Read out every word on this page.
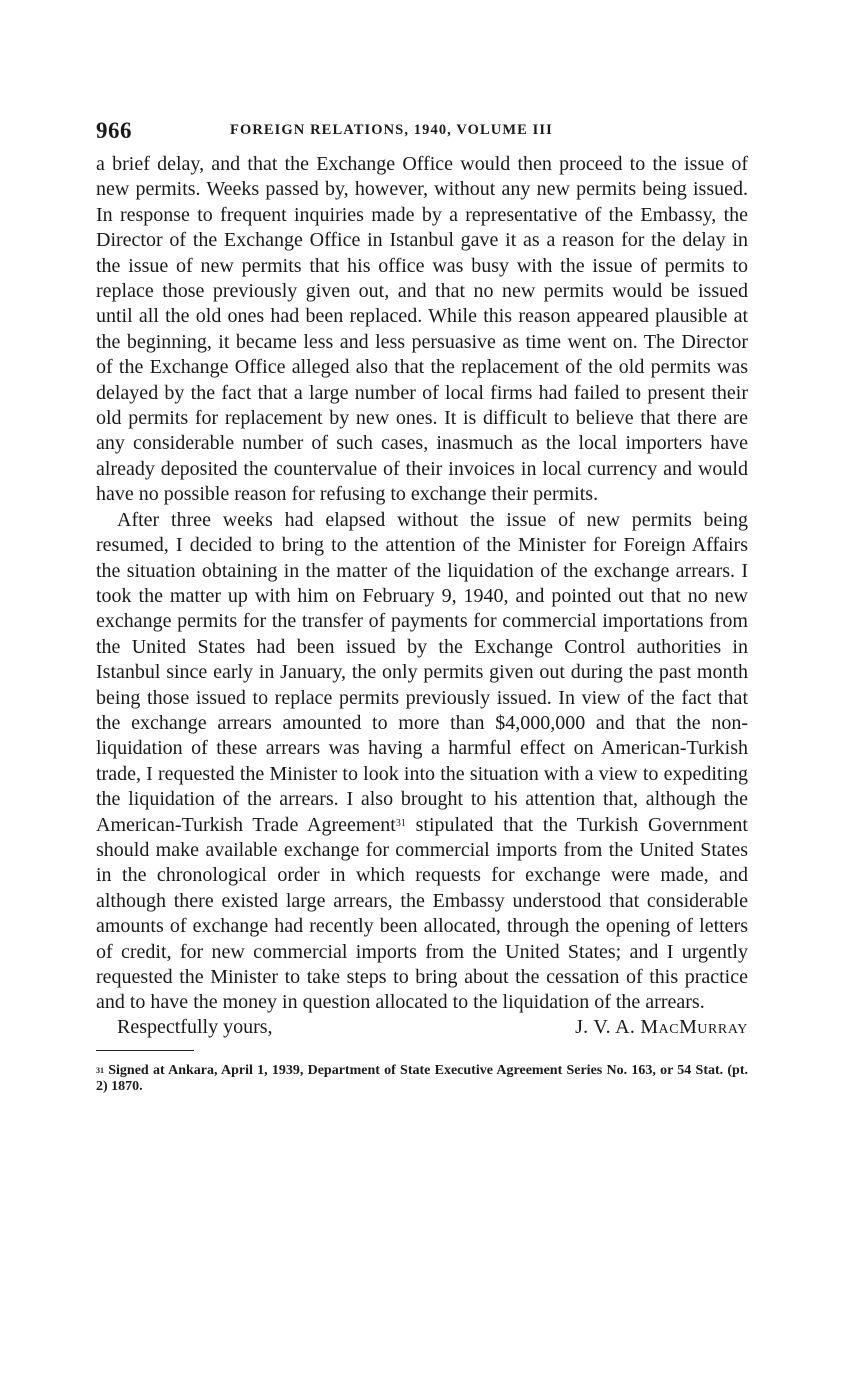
966	FOREIGN RELATIONS, 1940, VOLUME III

a brief delay, and that the Exchange Office would then proceed to the issue of new permits. Weeks passed by, however, without any new permits being issued. In response to frequent inquiries made by a representative of the Embassy, the Director of the Exchange Office in Istanbul gave it as a reason for the delay in the issue of new permits that his office was busy with the issue of permits to replace those previously given out, and that no new permits would be issued until all the old ones had been replaced. While this reason appeared plausible at the beginning, it became less and less persuasive as time went on. The Director of the Exchange Office alleged also that the replacement of the old permits was delayed by the fact that a large number of local firms had failed to present their old permits for replacement by new ones. It is difficult to believe that there are any considerable number of such cases, inasmuch as the local importers have already deposited the countervalue of their invoices in local currency and would have no possible reason for refusing to exchange their permits.

After three weeks had elapsed without the issue of new permits being resumed, I decided to bring to the attention of the Minister for Foreign Affairs the situation obtaining in the matter of the liquidation of the exchange arrears. I took the matter up with him on February 9, 1940, and pointed out that no new exchange permits for the transfer of payments for commercial importations from the United States had been issued by the Exchange Control authorities in Istanbul since early in January, the only permits given out during the past month being those issued to replace permits previously issued. In view of the fact that the exchange arrears amounted to more than $4,000,000 and that the non-liquidation of these arrears was having a harmful effect on American-Turkish trade, I requested the Minister to look into the situation with a view to expediting the liquidation of the arrears. I also brought to his attention that, although the American-Turkish Trade Agreement$^{31}$ stipulated that the Turkish Government should make available exchange for commercial imports from the United States in the chronological order in which requests for exchange were made, and although there existed large arrears, the Embassy understood that considerable amounts of exchange had recently been allocated, through the opening of letters of credit, for new commercial imports from the United States; and I urgently requested the Minister to take steps to bring about the cessation of this practice and to have the money in question allocated to the liquidation of the arrears.

Respectfully yours,	J. V. A. MACMURRAY
$^{31}$ Signed at Ankara, April 1, 1939, Department of State Executive Agreement Series No. 163, or 54 Stat. (pt. 2) 1870.
